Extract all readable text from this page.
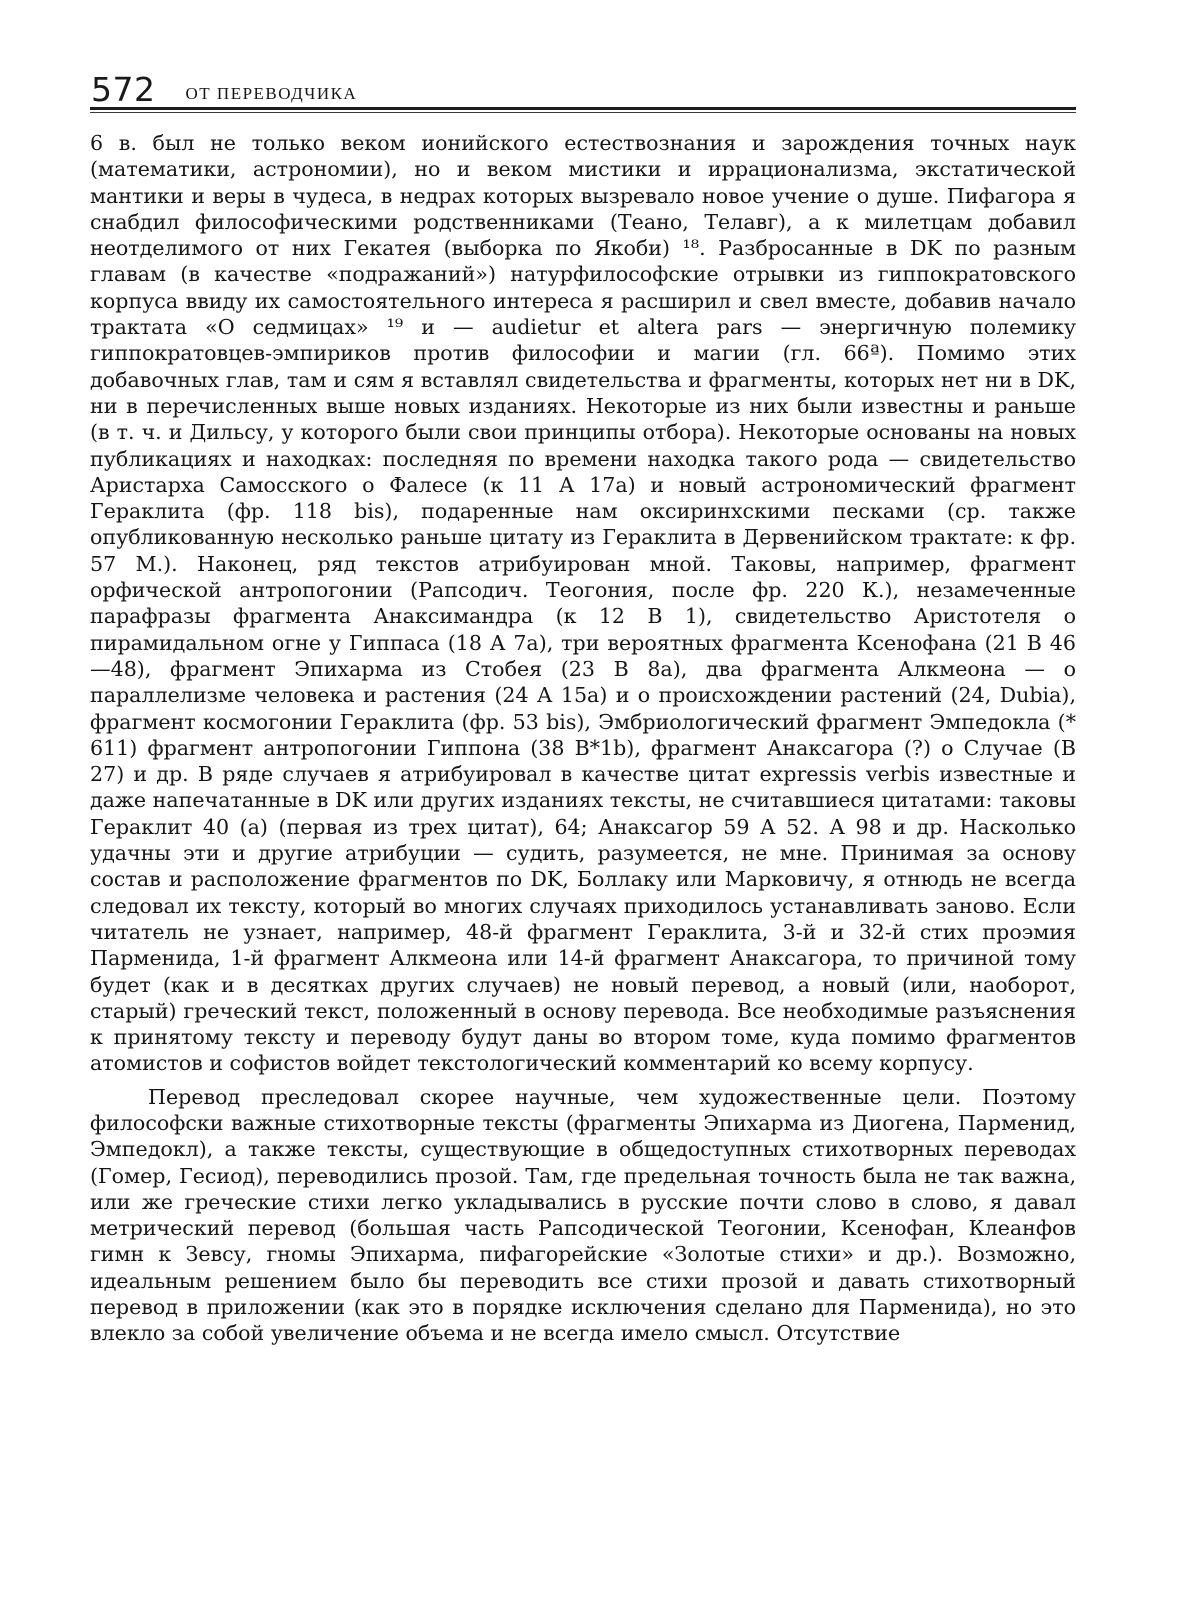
572 ОТ ПЕРЕВОДЧИКА

6 в. был не только веком ионийского естествознания и зарождения точных наук (математики, астрономии), но и веком мистики и иррационализма, экстатической мантики и веры в чудеса, в недрах которых вызревало новое учение о душе. Пифагора я снабдил философическими родственниками (Теано, Телавг), а к милетцам добавил неотделимого от них Гекатея (выборка по Якоби) ¹⁸. Разбросанные в DK по разным главам (в качестве «подражаний») натурфилософские отрывки из гиппократовского корпуса ввиду их самостоятельного интереса я расширил и свел вместе, добавив начало трактата «О седмицах» ¹⁹ и — audietur et altera pars — энергичную полемику гиппократовцев-эмпириков против философии и магии (гл. 66ª). Помимо этих добавочных глав, там и сям я вставлял свидетельства и фрагменты, которых нет ни в DK, ни в перечисленных выше новых изданиях. Некоторые из них были известны и раньше (в т. ч. и Дильсу, у которого были свои принципы отбора). Некоторые основаны на новых публикациях и находках: последняя по времени находка такого рода — свидетельство Аристарха Самосского о Фалесе (к 11 А 17а) и новый астрономический фрагмент Гераклита (фр. 118 bis), подаренные нам оксиринхскими песками (ср. также опубликованную несколько раньше цитату из Гераклита в Дервенийском трактате: к фр. 57 М.). Наконец, ряд текстов атрибуирован мной. Таковы, например, фрагмент орфической антропогонии (Рапсодич. Теогония, после фр. 220 К.), незамеченные парафразы фрагмента Анаксимандра (к 12 В 1), свидетельство Аристотеля о пирамидальном огне у Гиппаса (18 А 7а), три вероятных фрагмента Ксенофана (21 В 46—48), фрагмент Эпихарма из Стобея (23 В 8а), два фрагмента Алкмеона — о параллелизме человека и растения (24 А 15а) и о происхождении растений (24, Dubia), фрагмент космогонии Гераклита (фр. 53 bis), Эмбриологический фрагмент Эмпедокла (* 611) фрагмент антропогонии Гиппона (38 В*1b), фрагмент Анаксагора (?) о Случае (В 27) и др. В ряде случаев я атрибуировал в качестве цитат expressis verbis известные и даже напечатанные в DK или других изданиях тексты, не считавшиеся цитатами: таковы Гераклит 40 (а) (первая из трех цитат), 64; Анаксагор 59 А 52. А 98 и др. Насколько удачны эти и другие атрибуции — судить, разумеется, не мне. Принимая за основу состав и расположение фрагментов по DK, Боллаку или Марковичу, я отнюдь не всегда следовал их тексту, который во многих случаях приходилось устанавливать заново. Если читатель не узнает, например, 48-й фрагмент Гераклита, 3-й и 32-й стих проэмия Парменида, 1-й фрагмент Алкмеона или 14-й фрагмент Анаксагора, то причиной тому будет (как и в десятках других случаев) не новый перевод, а новый (или, наоборот, старый) греческий текст, положенный в основу перевода. Все необходимые разъяснения к принятому тексту и переводу будут даны во втором томе, куда помимо фрагментов атомистов и софистов войдет текстологический комментарий ко всему корпусу.

Перевод преследовал скорее научные, чем художественные цели. Поэтому философски важные стихотворные тексты (фрагменты Эпихарма из Диогена, Парменид, Эмпедокл), а также тексты, существующие в общедоступных стихотворных переводах (Гомер, Гесиод), переводились прозой. Там, где предельная точность была не так важна, или же греческие стихи легко укладывались в русские почти слово в слово, я давал метрический перевод (большая часть Рапсодической Теогонии, Ксенофан, Клеанфов гимн к Зевсу, гномы Эпихарма, пифагорейские «Золотые стихи» и др.). Возможно, идеальным решением было бы переводить все стихи прозой и давать стихотворный перевод в приложении (как это в порядке исключения сделано для Парменида), но это влекло за собой увеличение объема и не всегда имело смысл. Отсутствие
